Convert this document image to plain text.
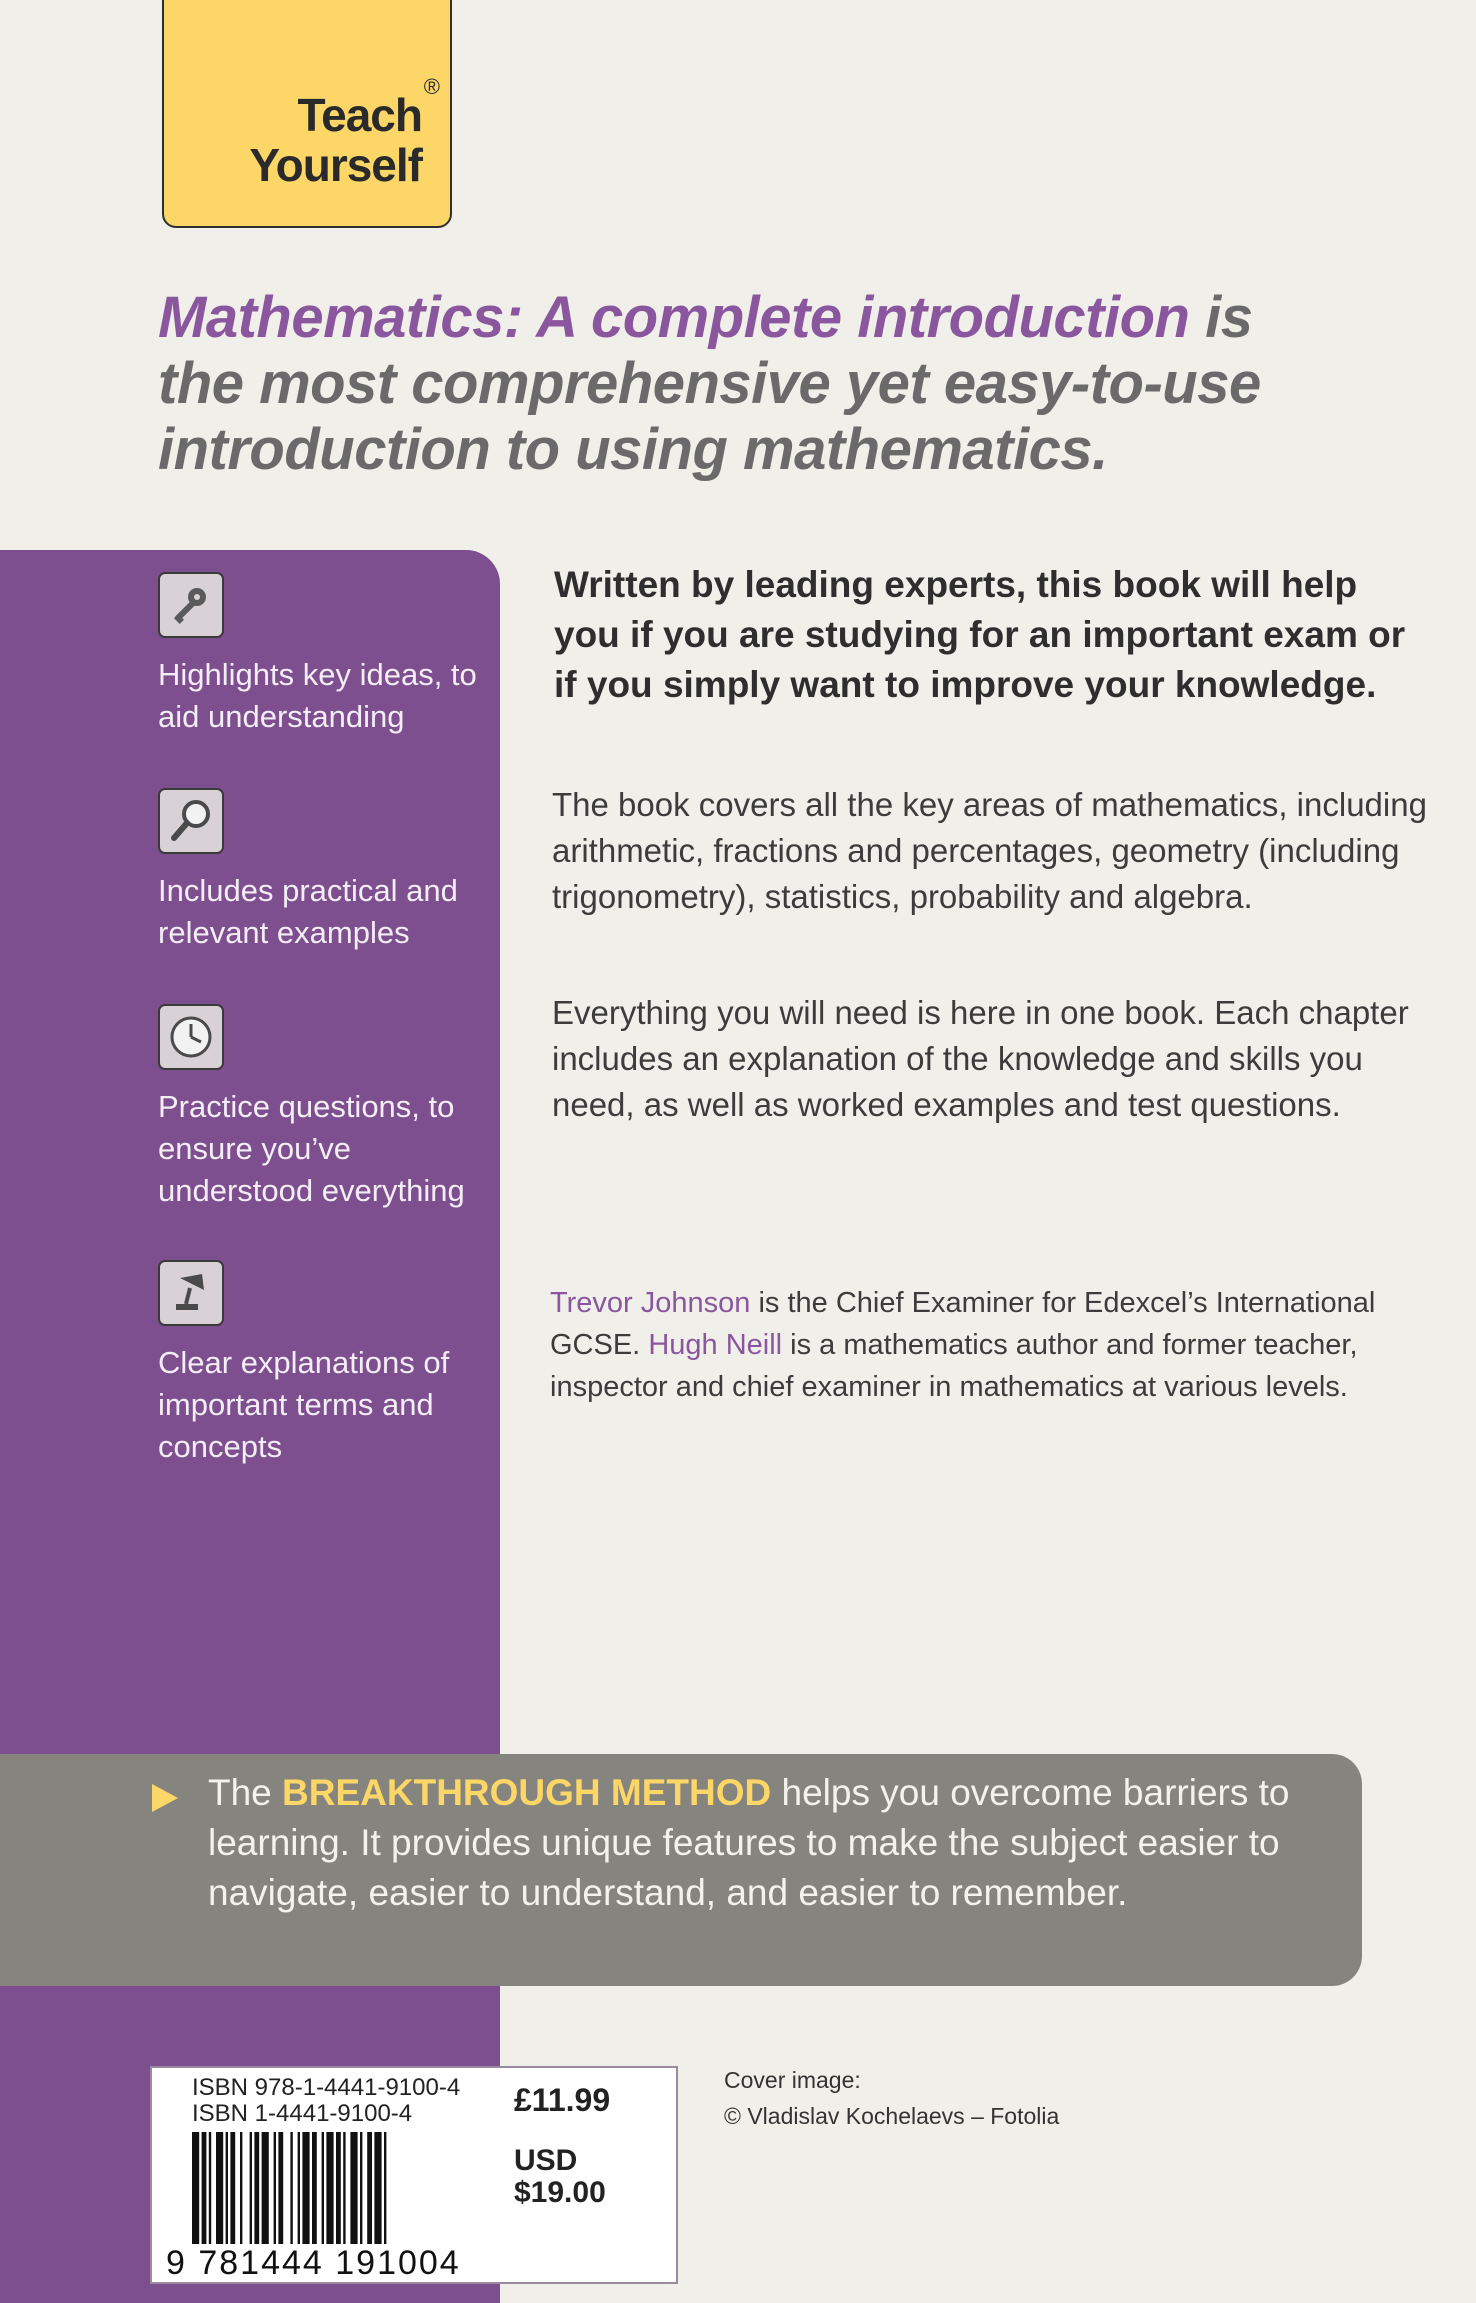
®
Teach
Yourself
Mathematics: A complete introduction is the most comprehensive yet easy-to-use introduction to using mathematics.
Highlights key ideas, to aid understanding
Includes practical and relevant examples
Practice questions, to ensure you’ve understood everything
Clear explanations of important terms and concepts
Written by leading experts, this book will help you if you are studying for an important exam or if you simply want to improve your knowledge.
The book covers all the key areas of mathematics, including arithmetic, fractions and percentages, geometry (including trigonometry), statistics, probability and algebra.
Everything you will need is here in one book. Each chapter includes an explanation of the knowledge and skills you need, as well as worked examples and test questions.
Trevor Johnson is the Chief Examiner for Edexcel’s International GCSE. Hugh Neill is a mathematics author and former teacher, inspector and chief examiner in mathematics at various levels.
The BREAKTHROUGH METHOD helps you overcome barriers to learning. It provides unique features to make the subject easier to navigate, easier to understand, and easier to remember.
ISBN 978-1-4441-9100-4
ISBN 1-4441-9100-4	£11.99
USD
$19.00
9 781444 191004
Cover image:
© Vladislav Kochelaevs – Fotolia
